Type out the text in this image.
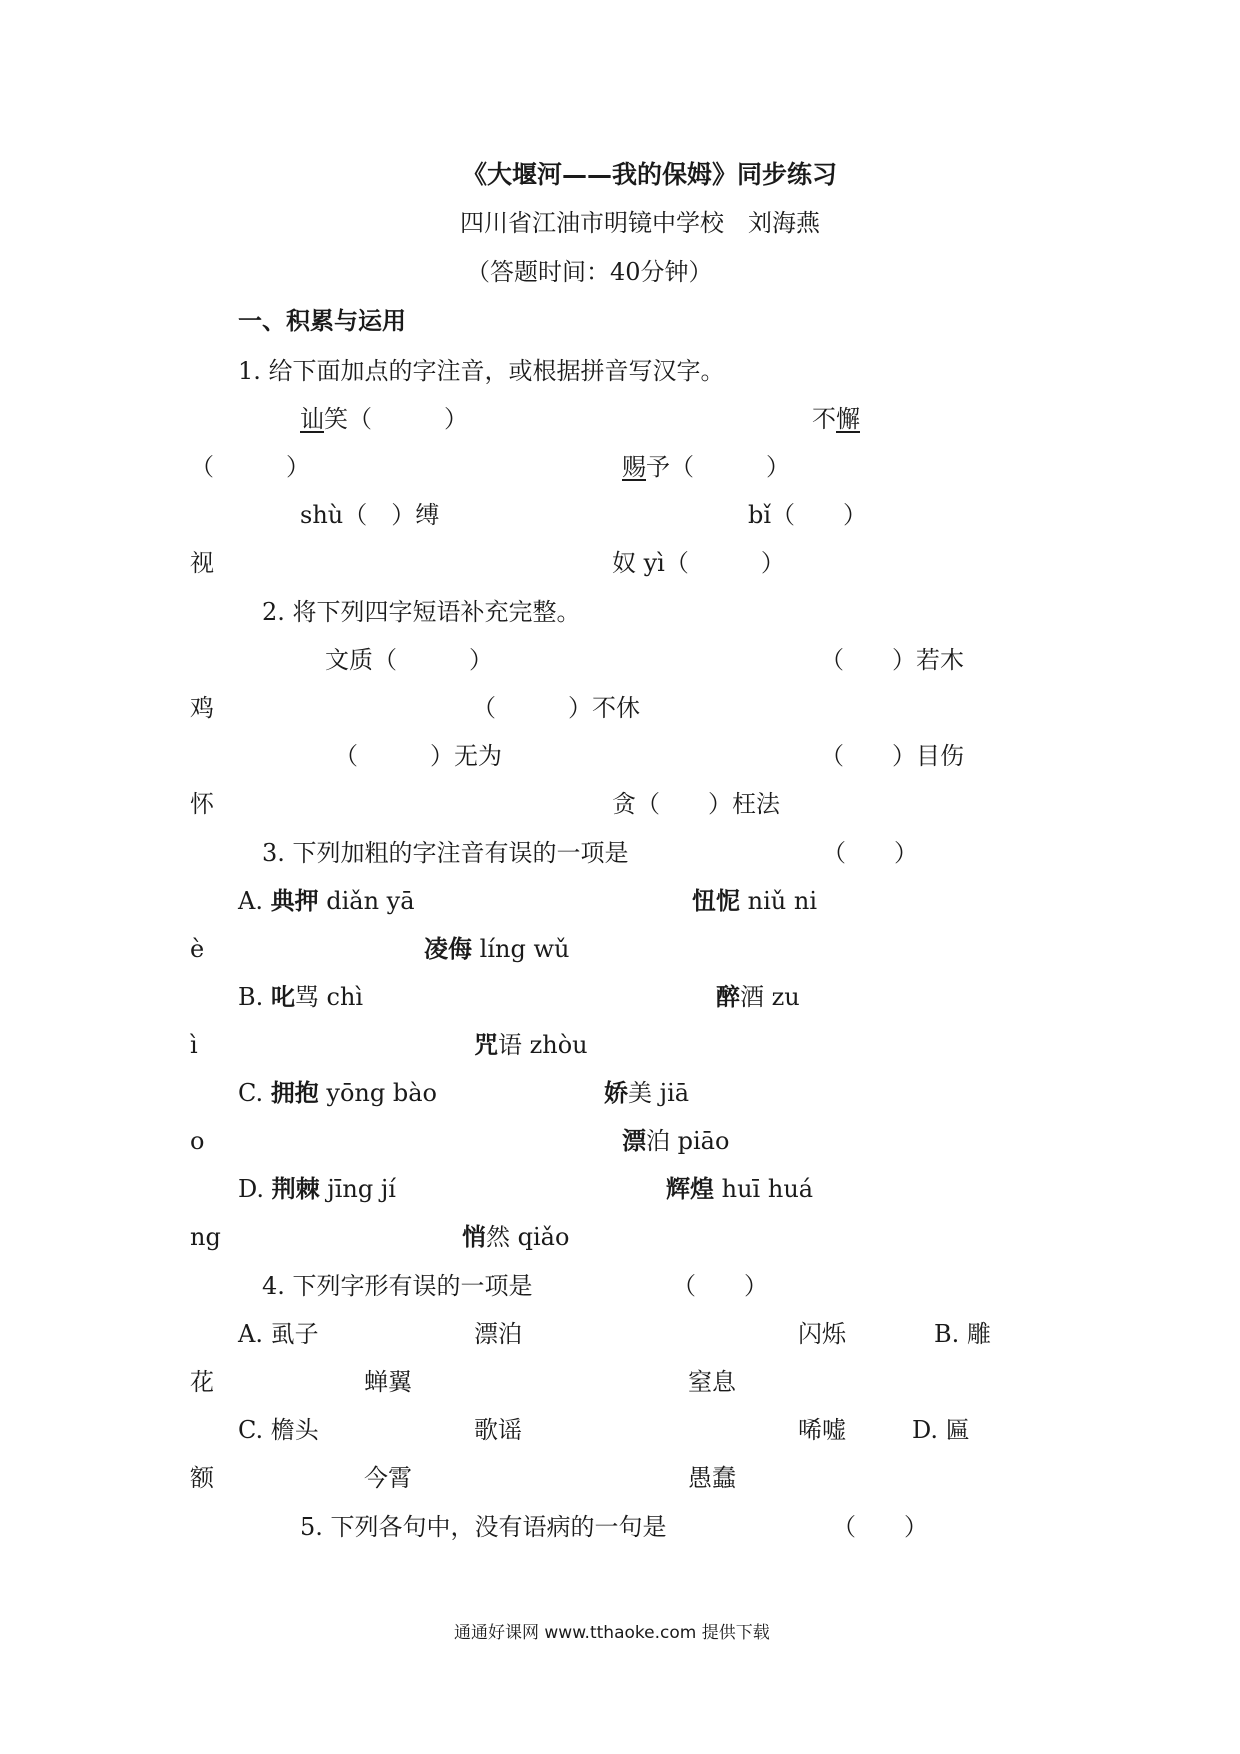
《大堰河——我的保姆》同步练习
四川省江油市明镜中学校　刘海燕
（答题时间：40分钟）
一、积累与运用
1. 给下面加点的字注音，或根据拼音写汉字。
讪笑（　　　）	不懈
（　　　）	赐予（　　　）
shù（　）缚	bǐ（　　）
视	奴 yì（　　　）
2. 将下列四字短语补充完整。
文质（　　　）	（　　）若木
鸡	（　　　）不休
（　　　）无为	（　　）目伤
怀	贪（　　）枉法
3. 下列加粗的字注音有误的一项是	（　　）
A. 典押 diǎn yā	忸怩 niǔ ni
è	凌侮 líng wǔ
B. 叱骂 chì	醉酒 zu
ì	咒语 zhòu
C. 拥抱 yōng bào	娇美 jiā
o	漂泊 piāo
D. 荆棘 jīng jí	辉煌 huī huá
ng	悄然 qiǎo
4. 下列字形有误的一项是	（　　）
A. 虱子	漂泊	闪烁	B. 雕
花	蝉翼	窒息
C. 檐头	歌谣	唏嘘	D. 匾
额	今霄	愚蠢
5. 下列各句中，没有语病的一句是	（　　）
通通好课网 www.tthaoke.com 提供下载
